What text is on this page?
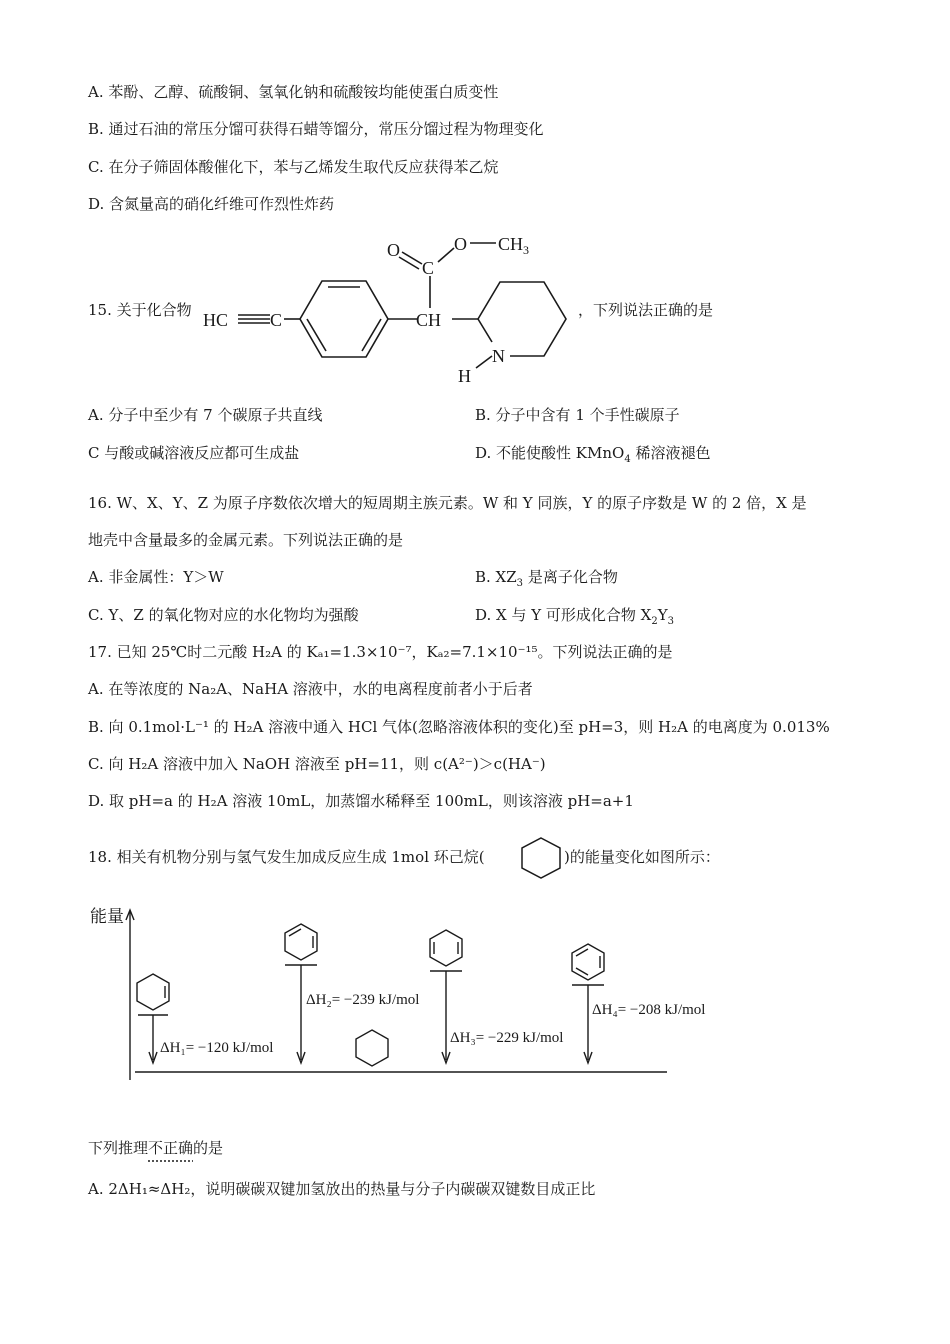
A. 苯酚、乙醇、硫酸铜、氢氧化钠和硫酸铵均能使蛋白质变性
B. 通过石油的常压分馏可获得石蜡等馏分，常压分馏过程为物理变化
C. 在分子筛固体酸催化下，苯与乙烯发生取代反应获得苯乙烷
D. 含氮量高的硝化纤维可作烈性炸药
15. 关于化合物 HC C	CH
O
C
O $CH_3$
N
H
，下列说法正确的是
A. 分子中至少有 7 个碳原子共直线	B. 分子中含有 1 个手性碳原子
C 与酸或碱溶液反应都可生成盐	D. 不能使酸性 KMnO$_4$ 稀溶液褪色
16. W、X、Y、Z 为原子序数依次增大的短周期主族元素。W 和 Y 同族，Y 的原子序数是 W 的 2 倍，X 是
地壳中含量最多的金属元素。下列说法正确的是
A. 非金属性：Y＞W	B. $XZ_3$ 是离子化合物
C. Y、Z 的氧化物对应的水化物均为强酸	D. X 与 Y 可形成化合物 $X_2Y_3$
17. 已知 25℃时二元酸 H₂A 的 Kₐ₁=1.3×10⁻⁷，Kₐ₂=7.1×10⁻¹⁵。下列说法正确的是
A. 在等浓度的 Na₂A、NaHA 溶液中，水的电离程度前者小于后者
B. 向 0.1mol·L⁻¹ 的 H₂A 溶液中通入 HCl 气体(忽略溶液体积的变化)至 pH=3，则 H₂A 的电离度为 0.013%
C. 向 H₂A 溶液中加入 NaOH 溶液至 pH=11，则 c(A²⁻)＞c(HA⁻)
D. 取 pH=a 的 H₂A 溶液 10mL，加蒸馏水稀释至 100mL，则该溶液 pH=a+1
18. 相关有机物分别与氢气发生加成反应生成 1mol 环己烷(	)的能量变化如图所示：
能量
ΔH₁= −120 kJ/mol
ΔH₂= −239 kJ/mol
ΔH₃= −229 kJ/mol
ΔH₄= −208 kJ/mol
下列推理不正确的是
A. 2ΔH₁≈ΔH₂，说明碳碳双键加氢放出的热量与分子内碳碳双键数目成正比
